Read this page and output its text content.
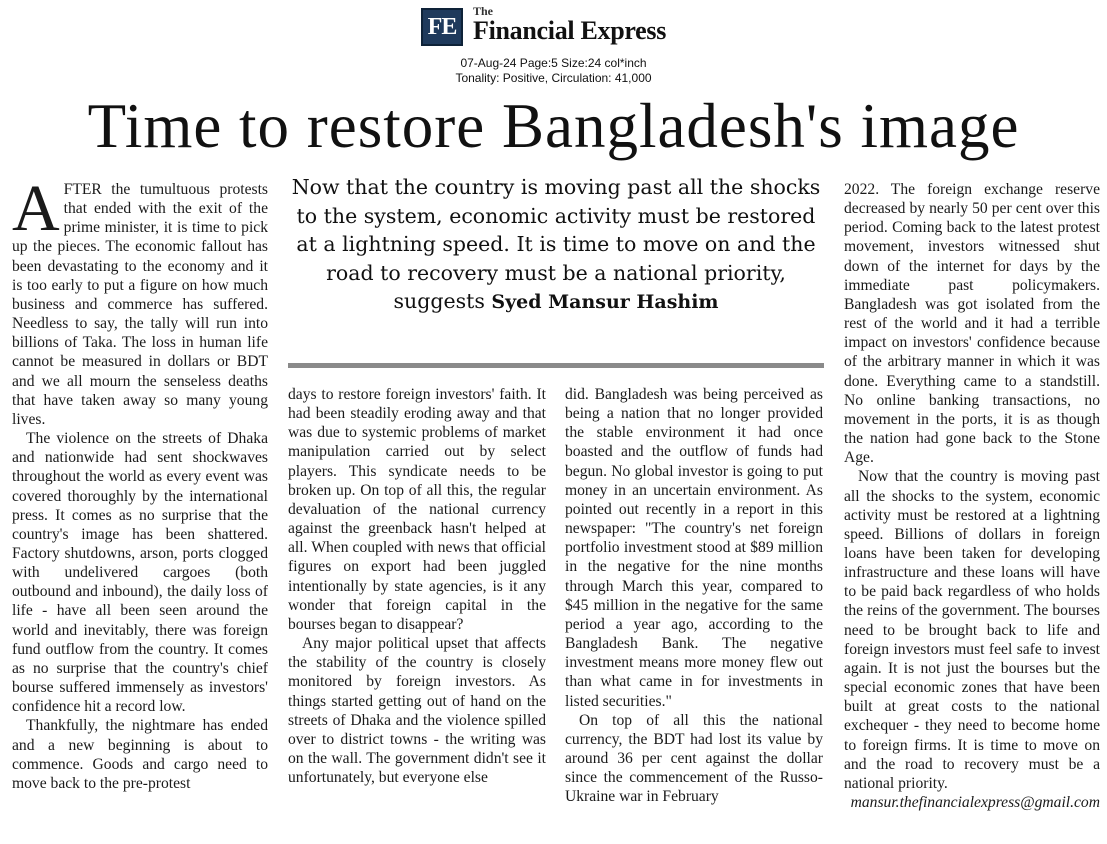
FE
The
Financial Express
07-Aug-24 Page:5 Size:24 col*inch
Tonality: Positive, Circulation: 41,000
Time to restore Bangladesh's image

AFTER the tumultuous protests that ended with the exit of the prime minister, it is time to pick up the pieces. The economic fallout has been devastating to the economy and it is too early to put a figure on how much business and commerce has suffered. Needless to say, the tally will run into billions of Taka. The loss in human life cannot be measured in dollars or BDT and we all mourn the senseless deaths that have taken away so many young lives.

The violence on the streets of Dhaka and nationwide had sent shockwaves throughout the world as every event was covered thoroughly by the international press. It comes as no surprise that the country's image has been shattered. Factory shutdowns, arson, ports clogged with undelivered cargoes (both outbound and inbound), the daily loss of life - have all been seen around the world and inevitably, there was foreign fund outflow from the country. It comes as no surprise that the country's chief bourse suffered immensely as investors' confidence hit a record low.

Thankfully, the nightmare has ended and a new beginning is about to commence. Goods and cargo need to move back to the pre-protest

Now that the country is moving past all the shocks to the system, economic activity must be restored at a lightning speed. It is time to move on and the road to recovery must be a national priority,
suggests Syed Mansur Hashim

days to restore foreign investors' faith. It had been steadily eroding away and that was due to systemic problems of market manipulation carried out by select players. This syndicate needs to be broken up. On top of all this, the regular devaluation of the national currency against the greenback hasn't helped at all. When coupled with news that official figures on export had been juggled intentionally by state agencies, is it any wonder that foreign capital in the bourses began to disappear?

Any major political upset that affects the stability of the country is closely monitored by foreign investors. As things started getting out of hand on the streets of Dhaka and the violence spilled over to district towns - the writing was on the wall. The government didn't see it unfortunately, but everyone else

did. Bangladesh was being perceived as being a nation that no longer provided the stable environment it had once boasted and the outflow of funds had begun. No global investor is going to put money in an uncertain environment. As pointed out recently in a report in this newspaper: "The country's net foreign portfolio investment stood at $89 million in the negative for the nine months through March this year, compared to $45 million in the negative for the same period a year ago, according to the Bangladesh Bank. The negative investment means more money flew out than what came in for investments in listed securities."

On top of all this the national currency, the BDT had lost its value by around 36 per cent against the dollar since the commencement of the Russo-Ukraine war in February

2022. The foreign exchange reserve decreased by nearly 50 per cent over this period. Coming back to the latest protest movement, investors witnessed shut down of the internet for days by the immediate past policymakers. Bangladesh was got isolated from the rest of the world and it had a terrible impact on investors' confidence because of the arbitrary manner in which it was done. Everything came to a standstill. No online banking transactions, no movement in the ports, it is as though the nation had gone back to the Stone Age.

Now that the country is moving past all the shocks to the system, economic activity must be restored at a lightning speed. Billions of dollars in foreign loans have been taken for developing infrastructure and these loans will have to be paid back regardless of who holds the reins of the government. The bourses need to be brought back to life and foreign investors must feel safe to invest again. It is not just the bourses but the special economic zones that have been built at great costs to the national exchequer - they need to become home to foreign firms. It is time to move on and the road to recovery must be a national priority.

mansur.thefinancialexpress@gmail.com
